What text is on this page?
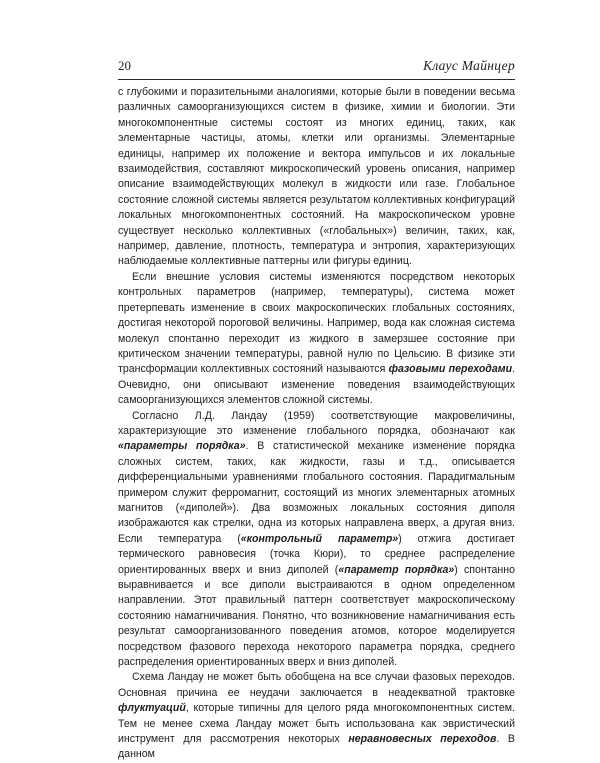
20	Клаус Майнцер

с глубокими и поразительными аналогиями, которые были в поведении весьма различных самоорганизующихся систем в физике, химии и биологии. Эти многокомпонентные системы состоят из многих единиц, таких, как элементарные частицы, атомы, клетки или организмы. Элементарные единицы, например их положение и вектора импульсов и их локальные взаимодействия, составляют микроскопический уровень описания, например описание взаимодействующих молекул в жидкости или газе. Глобальное состояние сложной системы является результатом коллективных конфигураций локальных многокомпонентных состояний. На макроскопическом уровне существует несколько коллективных («глобальных») величин, таких, как, например, давление, плотность, температура и энтропия, характеризующих наблюдаемые коллективные паттерны или фигуры единиц.

Если внешние условия системы изменяются посредством некоторых контрольных параметров (например, температуры), система может претерпевать изменение в своих макроскопических глобальных состояниях, достигая некоторой пороговой величины. Например, вода как сложная система молекул спонтанно переходит из жидкого в замерзшее состояние при критическом значении температуры, равной нулю по Цельсию. В физике эти трансформации коллективных состояний называются фазовыми переходами. Очевидно, они описывают изменение поведения взаимодействующих самоорганизующихся элементов сложной системы.

Согласно Л.Д. Ландау (1959) соответствующие макровеличины, характеризующие это изменение глобального порядка, обозначают как «параметры порядка». В статистической механике изменение порядка сложных систем, таких, как жидкости, газы и т.д., описывается дифференциальными уравнениями глобального состояния. Парадигмальным примером служит ферромагнит, состоящий из многих элементарных атомных магнитов («диполей»). Два возможных локальных состояния диполя изображаются как стрелки, одна из которых направлена вверх, а другая вниз. Если температура («контрольный параметр») отжига достигает термического равновесия (точка Кюри), то среднее распределение ориентированных вверх и вниз диполей («параметр порядка») спонтанно выравнивается и все диполи выстраиваются в одном определенном направлении. Этот правильный паттерн соответствует макроскопическому состоянию намагничивания. Понятно, что возникновение намагничивания есть результат самоорганизованного поведения атомов, которое моделируется посредством фазового перехода некоторого параметра порядка, среднего распределения ориентированных вверх и вниз диполей.

Схема Ландау не может быть обобщена на все случаи фазовых переходов. Основная причина ее неудачи заключается в неадекватной трактовке флуктуаций, которые типичны для целого ряда многокомпонентных систем. Тем не менее схема Ландау может быть использована как эвристический инструмент для рассмотрения некоторых неравновесных переходов. В данном
